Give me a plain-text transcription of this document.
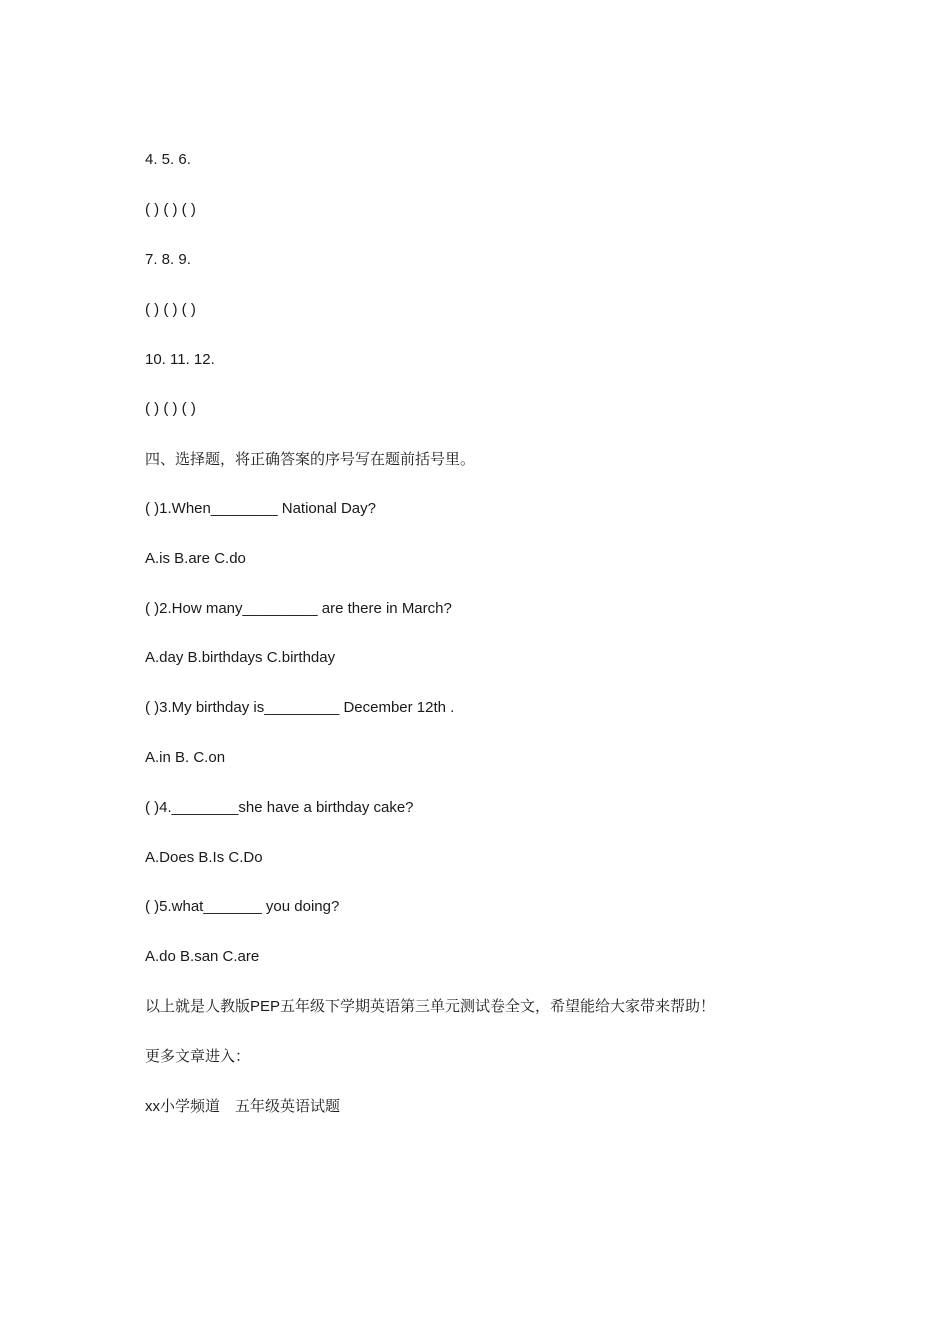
4. 5. 6.
( ) ( ) ( )
7. 8. 9.
( ) ( ) ( )
10. 11. 12.
( ) ( ) ( )
四、选择题，将正确答案的序号写在题前括号里。
( )1.When________ National Day?
A.is B.are C.do
( )2.How many_________ are there in March?
A.day B.birthdays C.birthday
( )3.My birthday is_________ December 12th .
A.in B. C.on
( )4.________she have a birthday cake?
A.Does B.Is C.Do
( )5.what_______ you doing?
A.do B.san C.are
以上就是人教版PEP五年级下学期英语第三单元测试卷全文，希望能给大家带来帮助！
更多文章进入：
xx小学频道　五年级英语试题
